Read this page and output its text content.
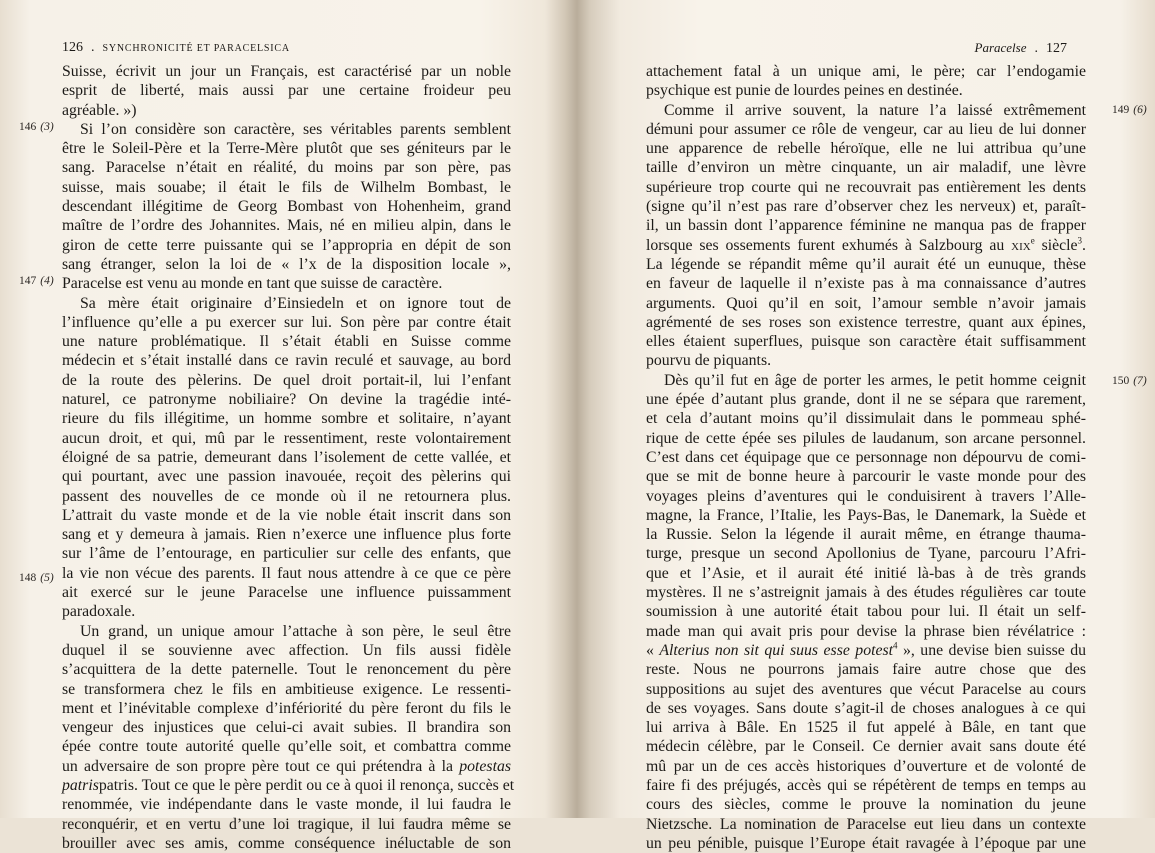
126 . SYNCHRONICITÉ ET PARACELSICA
146 (3)
147 (4)
148 (5)
Suisse, écrivit un jour un Français, est caractérisé par un noble
esprit de liberté, mais aussi par une certaine froideur peu
agréable. »)
Si l’on considère son caractère, ses véritables parents semblent
être le Soleil-Père et la Terre-Mère plutôt que ses géniteurs par le
sang. Paracelse n’était en réalité, du moins par son père, pas
suisse, mais souabe; il était le fils de Wilhelm Bombast, le
descendant illégitime de Georg Bombast von Hohenheim, grand
maître de l’ordre des Johannites. Mais, né en milieu alpin, dans le
giron de cette terre puissante qui se l’appropria en dépit de son
sang étranger, selon la loi de « l’x de la disposition locale »,
Paracelse est venu au monde en tant que suisse de caractère.
Sa mère était originaire d’Einsiedeln et on ignore tout de
l’influence qu’elle a pu exercer sur lui. Son père par contre était
une nature problématique. Il s’était établi en Suisse comme
médecin et s’était installé dans ce ravin reculé et sauvage, au bord
de la route des pèlerins. De quel droit portait-il, lui l’enfant
naturel, ce patronyme nobiliaire? On devine la tragédie inté-
rieure du fils illégitime, un homme sombre et solitaire, n’ayant
aucun droit, et qui, mû par le ressentiment, reste volontairement
éloigné de sa patrie, demeurant dans l’isolement de cette vallée, et
qui pourtant, avec une passion inavouée, reçoit des pèlerins qui
passent des nouvelles de ce monde où il ne retournera plus.
L’attrait du vaste monde et de la vie noble était inscrit dans son
sang et y demeura à jamais. Rien n’exerce une influence plus forte
sur l’âme de l’entourage, en particulier sur celle des enfants, que
la vie non vécue des parents. Il faut nous attendre à ce que ce père
ait exercé sur le jeune Paracelse une influence puissamment
paradoxale.
Un grand, un unique amour l’attache à son père, le seul être
duquel il se souvienne avec affection. Un fils aussi fidèle
s’acquittera de la dette paternelle. Tout le renoncement du père
se transformera chez le fils en ambitieuse exigence. Le ressenti-
ment et l’inévitable complexe d’infériorité du père feront du fils le
vengeur des injustices que celui-ci avait subies. Il brandira son
épée contre toute autorité quelle qu’elle soit, et combattra comme
un adversaire de son propre père tout ce qui prétendra à la potestas
patrispatris. Tout ce que le père perdit ou ce à quoi il renonça, succès et
renommée, vie indépendante dans le vaste monde, il lui faudra le
reconquérir, et en vertu d’une loi tragique, il lui faudra même se
brouiller avec ses amis, comme conséquence inéluctable de son
Paracelse . 127
149 (6)
150 (7)
attachement fatal à un unique ami, le père; car l’endogamie
psychique est punie de lourdes peines en destinée.
Comme il arrive souvent, la nature l’a laissé extrêmement
démuni pour assumer ce rôle de vengeur, car au lieu de lui donner
une apparence de rebelle héroïque, elle ne lui attribua qu’une
taille d’environ un mètre cinquante, un air maladif, une lèvre
supérieure trop courte qui ne recouvrait pas entièrement les dents
(signe qu’il n’est pas rare d’observer chez les nerveux) et, paraît-
il, un bassin dont l’apparence féminine ne manqua pas de frapper
lorsque ses ossements furent exhumés à Salzbourg au xix$^e$ siècle$^3$.
La légende se répandit même qu’il aurait été un eunuque, thèse
en faveur de laquelle il n’existe pas à ma connaissance d’autres
arguments. Quoi qu’il en soit, l’amour semble n’avoir jamais
agrémenté de ses roses son existence terrestre, quant aux épines,
elles étaient superflues, puisque son caractère était suffisamment
pourvu de piquants.
Dès qu’il fut en âge de porter les armes, le petit homme ceignit
une épée d’autant plus grande, dont il ne se sépara que rarement,
et cela d’autant moins qu’il dissimulait dans le pommeau sphé-
rique de cette épée ses pilules de laudanum, son arcane personnel.
C’est dans cet équipage que ce personnage non dépourvu de comi-
que se mit de bonne heure à parcourir le vaste monde pour des
voyages pleins d’aventures qui le conduisirent à travers l’Alle-
magne, la France, l’Italie, les Pays-Bas, le Danemark, la Suède et
la Russie. Selon la légende il aurait même, en étrange thauma-
turge, presque un second Apollonius de Tyane, parcouru l’Afri-
que et l’Asie, et il aurait été initié là-bas à de très grands
mystères. Il ne s’astreignit jamais à des études régulières car toute
soumission à une autorité était tabou pour lui. Il était un self-
made man qui avait pris pour devise la phrase bien révélatrice :
« Alterius non sit qui suus esse potest$^4$ », une devise bien suisse du
reste. Nous ne pourrons jamais faire autre chose que des
suppositions au sujet des aventures que vécut Paracelse au cours
de ses voyages. Sans doute s’agit-il de choses analogues à ce qui
lui arriva à Bâle. En 1525 il fut appelé à Bâle, en tant que
médecin célèbre, par le Conseil. Ce dernier avait sans doute été
mû par un de ces accès historiques d’ouverture et de volonté de
faire fi des préjugés, accès qui se répétèrent de temps en temps au
cours des siècles, comme le prouve la nomination du jeune
Nietzsche. La nomination de Paracelse eut lieu dans un contexte
un peu pénible, puisque l’Europe était ravagée à l’époque par une
